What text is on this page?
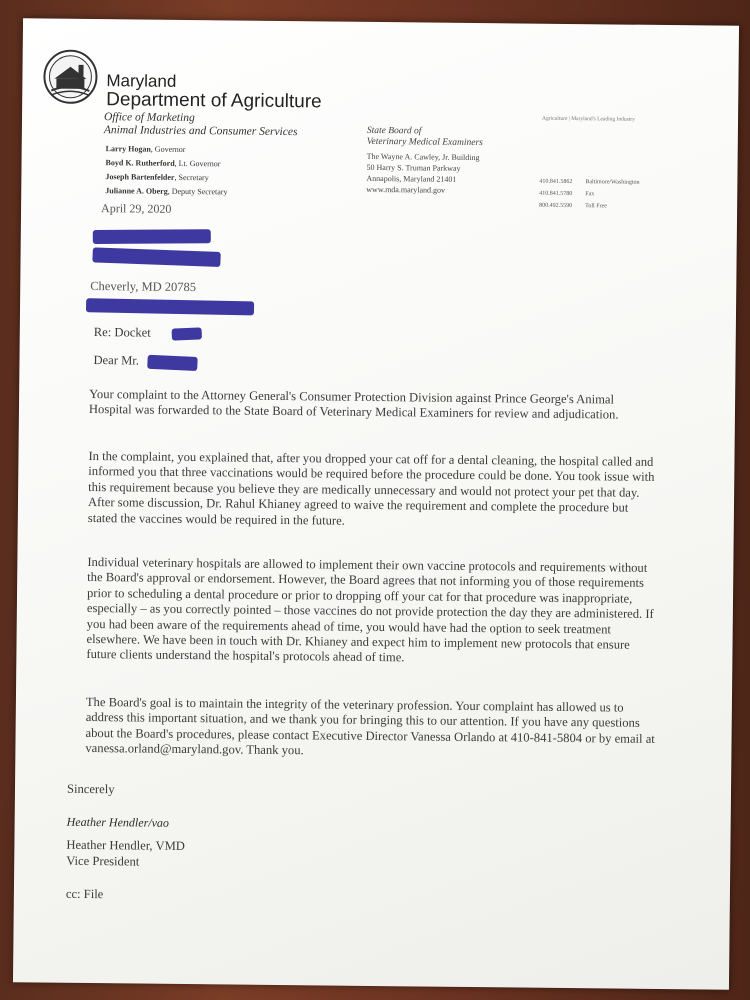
Maryland
Department of Agriculture
Office of Marketing
Animal Industries and Consumer Services
Larry Hogan, Governor
Boyd K. Rutherford, Lt. Governor
Joseph Bartenfelder, Secretary
Julianne A. Oberg, Deputy Secretary
Agriculture | Maryland's Leading Industry
State Board of
Veterinary Medical Examiners
The Wayne A. Cawley, Jr. Building
50 Harry S. Truman Parkway
Annapolis, Maryland 21401
www.mda.maryland.gov
410.841.5862	Baltimore/Washington
410.841.5780	Fax
800.492.5590	Toll Free
April 29, 2020
Cheverly, MD 20785
Re: Docket
Dear Mr.
Your complaint to the Attorney General's Consumer Protection Division against Prince George's Animal Hospital was forwarded to the State Board of Veterinary Medical Examiners for review and adjudication.
In the complaint, you explained that, after you dropped your cat off for a dental cleaning, the hospital called and informed you that three vaccinations would be required before the procedure could be done. You took issue with this requirement because you believe they are medically unnecessary and would not protect your pet that day. After some discussion, Dr. Rahul Khianey agreed to waive the requirement and complete the procedure but stated the vaccines would be required in the future.
Individual veterinary hospitals are allowed to implement their own vaccine protocols and requirements without the Board's approval or endorsement. However, the Board agrees that not informing you of those requirements prior to scheduling a dental procedure or prior to dropping off your cat for that procedure was inappropriate, especially – as you correctly pointed – those vaccines do not provide protection the day they are administered. If you had been aware of the requirements ahead of time, you would have had the option to seek treatment elsewhere. We have been in touch with Dr. Khianey and expect him to implement new protocols that ensure future clients understand the hospital's protocols ahead of time.
The Board's goal is to maintain the integrity of the veterinary profession. Your complaint has allowed us to address this important situation, and we thank you for bringing this to our attention. If you have any questions about the Board's procedures, please contact Executive Director Vanessa Orlando at 410-841-5804 or by email at vanessa.orland@maryland.gov. Thank you.
Sincerely
Heather Hendler/vao
Heather Hendler, VMD
Vice President
cc: File
